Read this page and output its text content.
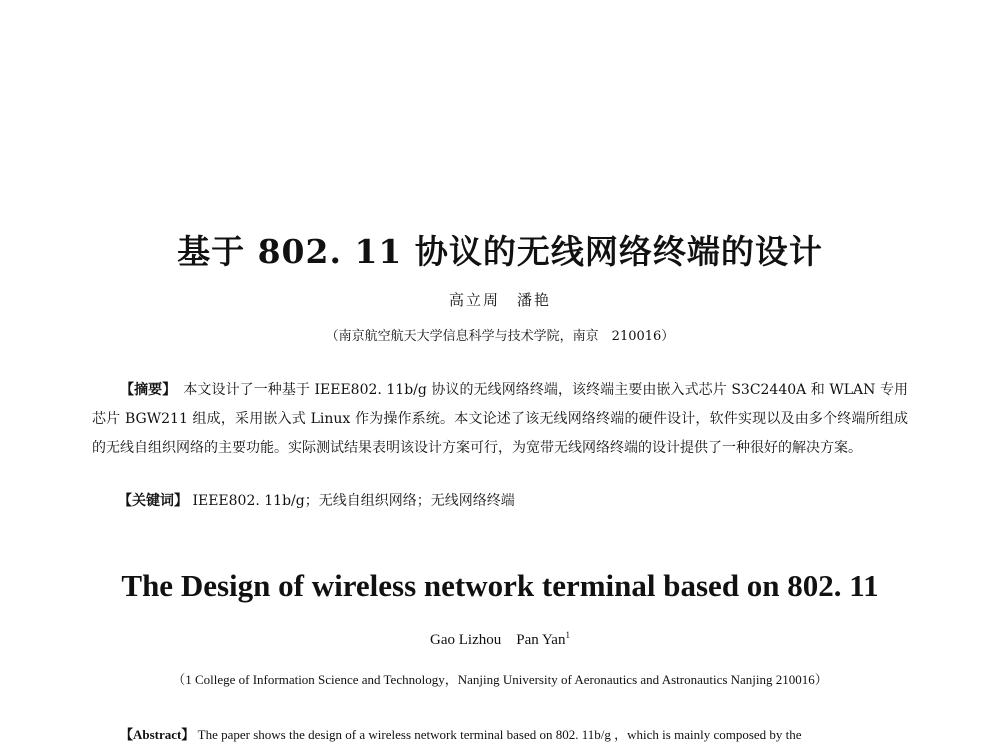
基于 802. 11 协议的无线网络终端的设计
高立周　潘艳
（南京航空航天大学信息科学与技术学院，南京　210016）

【摘要】　 本文设计了一种基于 IEEE802. 11b/g 协议的无线网络终端，该终端主要由嵌入式芯片 S3C2440A 和 WLAN 专用芯片 BGW211 组成，采用嵌入式 Linux 作为操作系统。本文论述了该无线网络终端的硬件设计，软件实现以及由多个终端所组成的无线自组织网络的主要功能。实际测试结果表明该设计方案可行，为宽带无线网络终端的设计提供了一种很好的解决方案。

【关键词】 IEEE802. 11b/g；无线自组织网络；无线网络终端
The Design of wireless network terminal based on 802. 11
Gao Lizhou　Pan Yan$^1$
（1 College of Information Science and Technology，Nanjing University of Aeronautics and Astronautics Nanjing 210016）
【Abstract】 The paper shows the design of a wireless network terminal based on 802. 11b/g ，which is mainly composed by the
